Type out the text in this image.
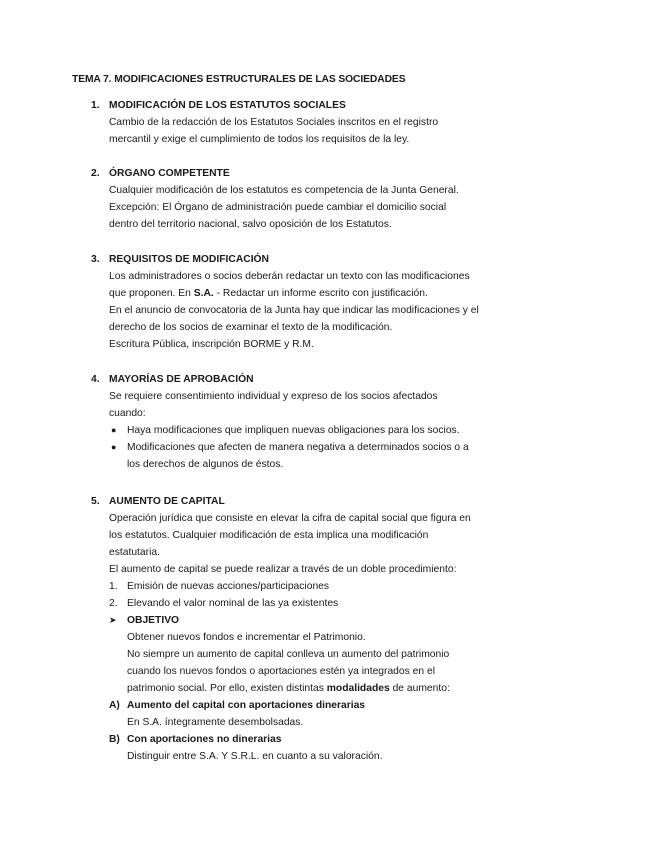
TEMA 7. MODIFICACIONES ESTRUCTURALES DE LAS SOCIEDADES
1. MODIFICACIÓN DE LOS ESTATUTOS SOCIALES
Cambio de la redacción de los Estatutos Sociales inscritos en el registro
mercantil y exige el cumplimiento de todos los requisitos de la ley.
2. ÓRGANO COMPETENTE
Cualquier modificación de los estatutos es competencia de la Junta General.
Excepción: El Órgano de administración puede cambiar el domicilio social
dentro del territorio nacional, salvo oposición de los Estatutos.
3. REQUISITOS DE MODIFICACIÓN
Los administradores o socios deberán redactar un texto con las modificaciones
que proponen. En S.A. - Redactar un informe escrito con justificación.
En el anuncio de convocatoria de la Junta hay que indicar las modificaciones y el
derecho de los socios de examinar el texto de la modificación.
Escritura Pública, inscripción BORME y R.M.
4. MAYORÍAS DE APROBACIÓN
Se requiere consentimiento individual y expreso de los socios afectados
cuando:
● Haya modificaciones que impliquen nuevas obligaciones para los socios.
● Modificaciones que afecten de manera negativa a determinados socios o a
los derechos de algunos de éstos.
5. AUMENTO DE CAPITAL
Operación jurídica que consiste en elevar la cifra de capital social que figura en
los estatutos. Cualquier modificación de esta implica una modificación
estatutaria.
El aumento de capital se puede realizar a través de un doble procedimiento:
1. Emisión de nuevas acciones/participaciones
2. Elevando el valor nominal de las ya existentes
➤ OBJETIVO
Obtener nuevos fondos e incrementar el Patrimonio.
No siempre un aumento de capital conlleva un aumento del patrimonio
cuando los nuevos fondos o aportaciones estén ya integrados en el
patrimonio social. Por ello, existen distintas modalidades de aumento:
A) Aumento del capital con aportaciones dinerarias
En S.A. íntegramente desembolsadas.
B) Con aportaciones no dinerarias
Distinguir entre S.A. Y S.R.L. en cuanto a su valoración.
